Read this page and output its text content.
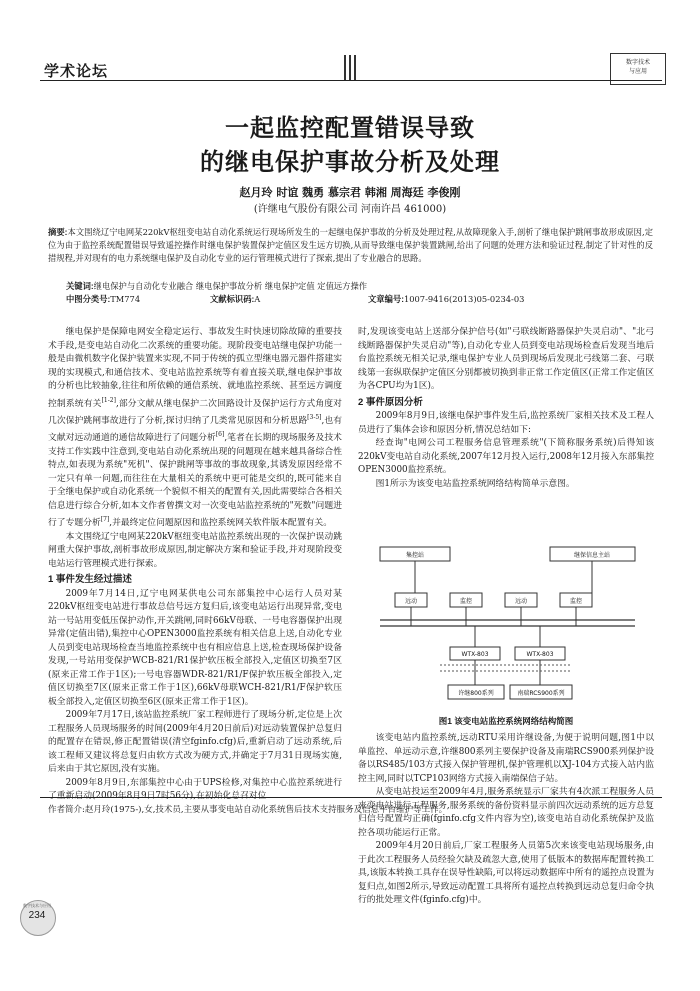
学术论坛
数字技术
与应用
一起监控配置错误导致
的继电保护事故分析及处理
赵月玲 时谊 魏勇 慕宗君 韩湘 周海廷 李俊刚
(许继电气股份有限公司 河南许昌 461000)
摘要:本文围绕辽宁电网某220kV枢纽变电站自动化系统运行现场所发生的一起继电保护事故的分析及处理过程,从故障现象入手,剖析了继电保护跳闸事故形成原因,定位为由于监控系统配置错误导致遥控操作时继电保护装置保护定值区发生远方切换,从而导致继电保护装置跳闸,给出了问题的处理方法和验证过程,制定了针对性的反措规程,并对现有的电力系统继电保护及自动化专业的运行管理模式进行了探索,提出了专业融合的思路。
关键词:继电保护与自动化专业融合 继电保护事故分析 继电保护定值 定值远方操作
中图分类号:TM774	文献标识码:A	文章编号:1007-9416(2013)05-0234-03

继电保护是保障电网安全稳定运行、事故发生时快速切除故障的重要技术手段,是变电站自动化二次系统的重要功能。现阶段变电站继电保护功能一般是由微机数字化保护装置来实现,不同于传统的孤立型继电器元器件搭建实现的实现模式,和通信技术、变电站监控系统等有着直接关联,继电保护事故的分析也比较抽象,往往和所依赖的通信系统、就地监控系统、甚至远方调度控制系统有关[1-2],部分文献从继电保护二次回路设计及保护运行方式角度对几次保护跳闸事故进行了分析,探讨归纳了几类常见原因和分析思路[3-5],也有文献对远动通道的通信故障进行了问题分析[6],笔者在长期的现场服务及技术支持工作实践中注意到,变电站自动化系统出现的问题现在越来越具备综合性特点,如表现为系统"死机"、保护跳闸等事故的事故现象,其诱发原因经常不一定只有单一问题,而往往在大量相关的系统中更可能是交织的,既可能来自于全继电保护或自动化系统一个貌似不相关的配置有关,因此需要综合各相关信息进行综合分析,如本文作者曾撰文对一次变电站监控系统的"死数"问题进行了专题分析[7],并最终定位问题原因和监控系统网关软件版本配置有关。

本文围绕辽宁电网某220kV枢纽变电站监控系统出现的一次保护误动跳闸重大保护事故,剖析事故形成原因,制定解决方案和验证手段,并对现阶段变电站运行管理模式进行探索。

1 事件发生经过描述

2009年7月14日,辽宁电网某供电公司东部集控中心运行人员对某220kV枢纽变电站进行事故总信号远方复归后,该变电站运行出现异常,变电站一号站用变低压保护动作,开关跳闸,同时66kV母联、一号电容器保护出现异常(定值出错),集控中心OPEN3000监控系统有相关信息上送,自动化专业人员到变电站现场检查当地监控系统中也有相应信息上送,检查现场保护设备发现,一号站用变保护WCB-821/R1保护软压板全部投入,定值区切换至7区(原来正常工作于1区);一号电容器WDR-821/R1/F保护软压板全部投入,定值区切换至7区(原来正常工作于1区),66kV母联WCH-821/R1/F保护软压板全部投入,定值区切换至6区(原来正常工作于1区)。

2009年7月17日,该站监控系统厂家工程师进行了现场分析,定位是上次工程服务人员现场服务的时间(2009年4月20日前后)对远动装置保护总复归的配置存在错误,修正配置错误(清空fginfo.cfg)后,重新启动了远动系统,后该工程师又建议将总复归由软方式改为硬方式,并确定于7月31日现场实施,后来由于其它原因,没有实施。

2009年8月9日,东部集控中心由于UPS检修,对集控中心监控系统进行

时,发现该变电站上送部分保护信号(如"弓联线断路器保护失灵启动"、"北弓线断路器保护失灵启动"等),自动化专业人员到变电站现场检查后发现当地后台监控系统无相关记录,继电保护专业人员到现场后发现北弓线第二套、弓联线第一套纵联保护定值区分别都被切换到非正常工作定值区(正常工作定值区为各CPU均为1区)。

2 事件原因分析

2009年8月9日,该继电保护事件发生后,监控系统厂家相关技术及工程人员进行了集体会诊和原因分析,情况总结如下:

经查询"电网公司工程服务信息管理系统"(下简称服务系统)后得知该220kV变电站自动化系统,2007年12月投入运行,2008年12月接入东部集控OPEN3000监控系统。

图1所示为该变电站监控系统网络结构简单示意图。

集控站	继保信息主站
远动	监控	远动	监控
WTX-803	WTX-803
许继800系列	南瑞RCS900系列
图1 该变电站监控系统网络结构简图

该变电站内监控系统,远动RTU采用许继设备,为便于说明问题,图1中以单监控、单远动示意,许继800系列主要保护设备及南瑞RCS900系列保护设备以RS485/103方式接入保护管理机,保护管理机以XJ-104方式接入站内监控主网,同时以TCP103网络方式接入南端保信子站。

从变电站投运至2009年4月,服务系统显示厂家共有4次派工程服务人员来变电站进行工程服务,服务系统的备份资料显示前四次远动系统的远方总复归信号配置均正确(fginfo.cfg文件内容为空),该变电站自动化系统保护及监控各项功能运行正常。

2009年4月20日前后,厂家工程服务人员第5次来该变电站现场服务,由于此次工程服务人员经验欠缺及疏忽大意,使用了低版本的数据库配置转换工具,该版本转换工具存在误导性缺陷,可以将远动数据库中所有的遥控点设置为复归点,如图2所示,导致远动配置工具将所有遥控点转换到远动总复归命令执行的批处理文件(fginfo.cfg)中。

作者简介:赵月玲(1975-),女,技术员,主要从事变电站自动化系统售后技术支持服务及信息平台维护等工作。
数字技术与应用
234
